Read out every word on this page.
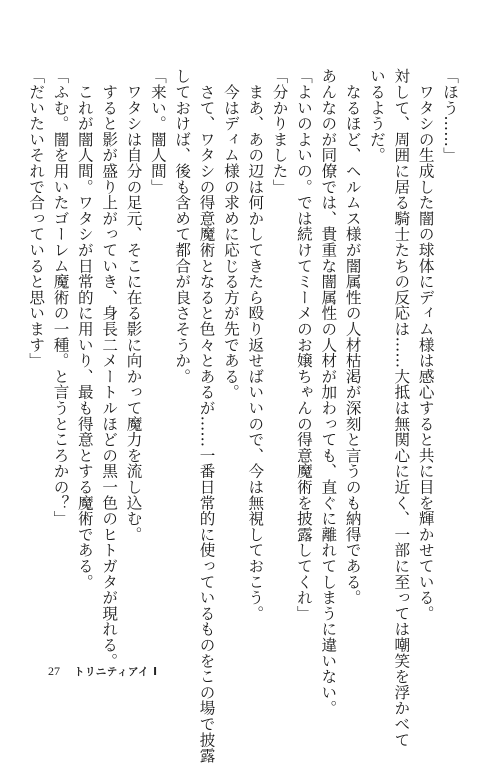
「ほう……」

　ワタシの生成した闇の球体にディム様は感心すると共に目を輝かせている。

対して、周囲に居る騎士たちの反応は……大抵は無関心に近く、一部に至っては嘲笑を浮かべて

いるようだ。

　なるほど、ヘルムス様が闇属性の人材枯渇が深刻と言うのも納得である。

あんなのが同僚では、貴重な闇属性の人材が加わっても、直ぐに離れてしまうに違いない。

「よいのよいの。では続けてミーメのお嬢ちゃんの得意魔術を披露してくれ」

「分かりました」

　まあ、あの辺は何かしてきたら殴り返せばいいので、今は無視しておこう。

　今はディム様の求めに応じる方が先である。

　さて、ワタシの得意魔術となると色々とあるが……一番日常的に使っているものをこの場で披露

しておけば、後も含めて都合が良さそうか。

「来い。闇人間」

　ワタシは自分の足元、そこに在る影に向かって魔力を流し込む。

　すると影が盛り上がっていき、身長二メートルほどの黒一色のヒトガタが現れる。

　これが闇人間。ワタシが日常的に用いり、最も得意とする魔術である。

「ふむ。闇を用いたゴーレム魔術の一種。と言うところかの？」

「だいたいそれで合っていると思います」

27 トリニティアイ Ⅰ
